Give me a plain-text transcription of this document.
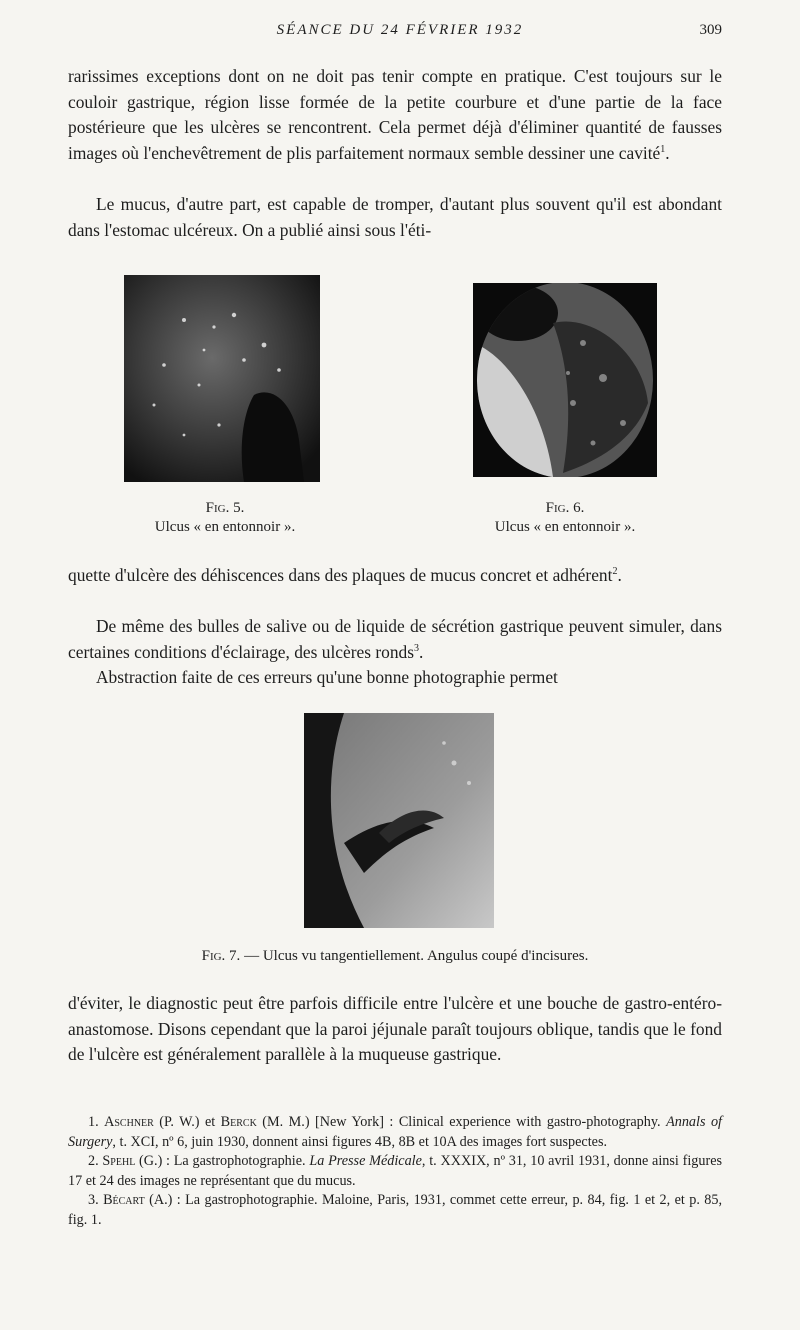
SÉANCE DU 24 FÉVRIER 1932	309
rarissimes exceptions dont on ne doit pas tenir compte en pratique. C'est toujours sur le couloir gastrique, région lisse formée de la petite courbure et d'une partie de la face postérieure que les ulcères se rencontrent. Cela permet déjà d'éliminer quantité de fausses images où l'enchevêtrement de plis parfaitement normaux semble dessiner une cavité$^1$.
Le mucus, d'autre part, est capable de tromper, d'autant plus souvent qu'il est abondant dans l'estomac ulcéreux. On a publié ainsi sous l'éti-
Fig. 5.
Ulcus « en entonnoir ».
Fig. 6.
Ulcus « en entonnoir ».
quette d'ulcère des déhiscences dans des plaques de mucus concret et adhérent$^2$.
De même des bulles de salive ou de liquide de sécrétion gastrique peuvent simuler, dans certaines conditions d'éclairage, des ulcères ronds$^3$.
Abstraction faite de ces erreurs qu'une bonne photographie permet
Fig. 7. — Ulcus vu tangentiellement. Angulus coupé d'incisures.
d'éviter, le diagnostic peut être parfois difficile entre l'ulcère et une bouche de gastro-entéro-anastomose. Disons cependant que la paroi jéjunale paraît toujours oblique, tandis que le fond de l'ulcère est généralement parallèle à la muqueuse gastrique.

1. Aschner (P. W.) et Berck (M. M.) [New York] : Clinical experience with gastro-photography. Annals of Surgery, t. XCI, nº 6, juin 1930, donnent ainsi figures 4B, 8B et 10A des images fort suspectes.

2. Spehl (G.) : La gastrophotographie. La Presse Médicale, t. XXXIX, nº 31, 10 avril 1931, donne ainsi figures 17 et 24 des images ne représentant que du mucus.

3. Bécart (A.) : La gastrophotographie. Maloine, Paris, 1931, commet cette erreur, p. 84, fig. 1 et 2, et p. 85, fig. 1.
